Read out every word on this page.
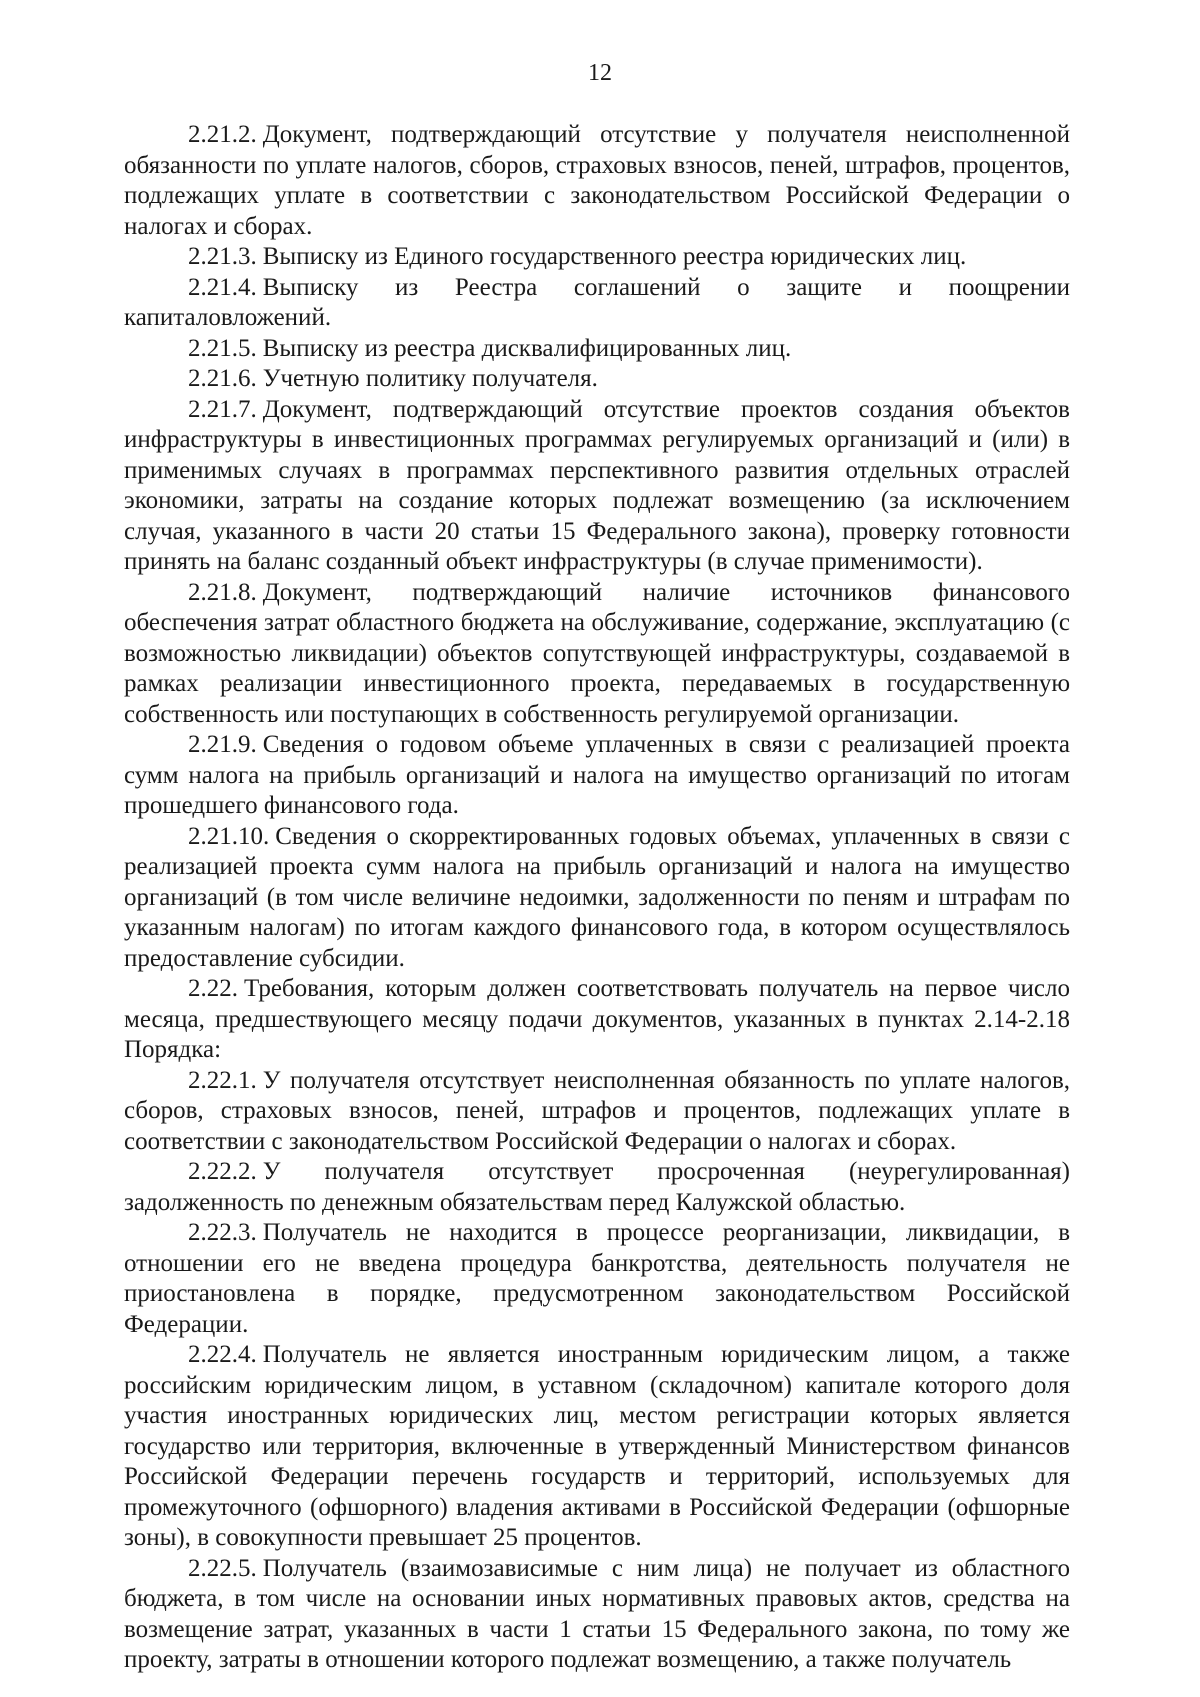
12

2.21.2. Документ, подтверждающий отсутствие у получателя неисполненной обязанности по уплате налогов, сборов, страховых взносов, пеней, штрафов, процентов, подлежащих уплате в соответствии с законодательством Российской Федерации о налогах и сборах.

2.21.3. Выписку из Единого государственного реестра юридических лиц.

2.21.4. Выписку из Реестра соглашений о защите и поощрении капиталовложений.

2.21.5. Выписку из реестра дисквалифицированных лиц.

2.21.6. Учетную политику получателя.

2.21.7. Документ, подтверждающий отсутствие проектов создания объектов инфраструктуры в инвестиционных программах регулируемых организаций и (или) в применимых случаях в программах перспективного развития отдельных отраслей экономики, затраты на создание которых подлежат возмещению (за исключением случая, указанного в части 20 статьи 15 Федерального закона), проверку готовности принять на баланс созданный объект инфраструктуры (в случае применимости).

2.21.8. Документ, подтверждающий наличие источников финансового обеспечения затрат областного бюджета на обслуживание, содержание, эксплуатацию (с возможностью ликвидации) объектов сопутствующей инфраструктуры, создаваемой в рамках реализации инвестиционного проекта, передаваемых в государственную собственность или поступающих в собственность регулируемой организации.

2.21.9. Сведения о годовом объеме уплаченных в связи с реализацией проекта сумм налога на прибыль организаций и налога на имущество организаций по итогам прошедшего финансового года.

2.21.10. Сведения о скорректированных годовых объемах, уплаченных в связи с реализацией проекта сумм налога на прибыль организаций и налога на имущество организаций (в том числе величине недоимки, задолженности по пеням и штрафам по указанным налогам) по итогам каждого финансового года, в котором осуществлялось предоставление субсидии.

2.22. Требования, которым должен соответствовать получатель на первое число месяца, предшествующего месяцу подачи документов, указанных в пунктах 2.14-2.18 Порядка:

2.22.1. У получателя отсутствует неисполненная обязанность по уплате налогов, сборов, страховых взносов, пеней, штрафов и процентов, подлежащих уплате в соответствии с законодательством Российской Федерации о налогах и сборах.

2.22.2. У получателя отсутствует просроченная (неурегулированная) задолженность по денежным обязательствам перед Калужской областью.

2.22.3. Получатель не находится в процессе реорганизации, ликвидации, в отношении его не введена процедура банкротства, деятельность получателя не приостановлена в порядке, предусмотренном законодательством Российской Федерации.

2.22.4. Получатель не является иностранным юридическим лицом, а также российским юридическим лицом, в уставном (складочном) капитале которого доля участия иностранных юридических лиц, местом регистрации которых является государство или территория, включенные в утвержденный Министерством финансов Российской Федерации перечень государств и территорий, используемых для промежуточного (офшорного) владения активами в Российской Федерации (офшорные зоны), в совокупности превышает 25 процентов.

2.22.5. Получатель (взаимозависимые с ним лица) не получает из областного бюджета, в том числе на основании иных нормативных правовых актов, средства на возмещение затрат, указанных в части 1 статьи 15 Федерального закона, по тому же проекту, затраты в отношении которого подлежат возмещению, а также получатель
